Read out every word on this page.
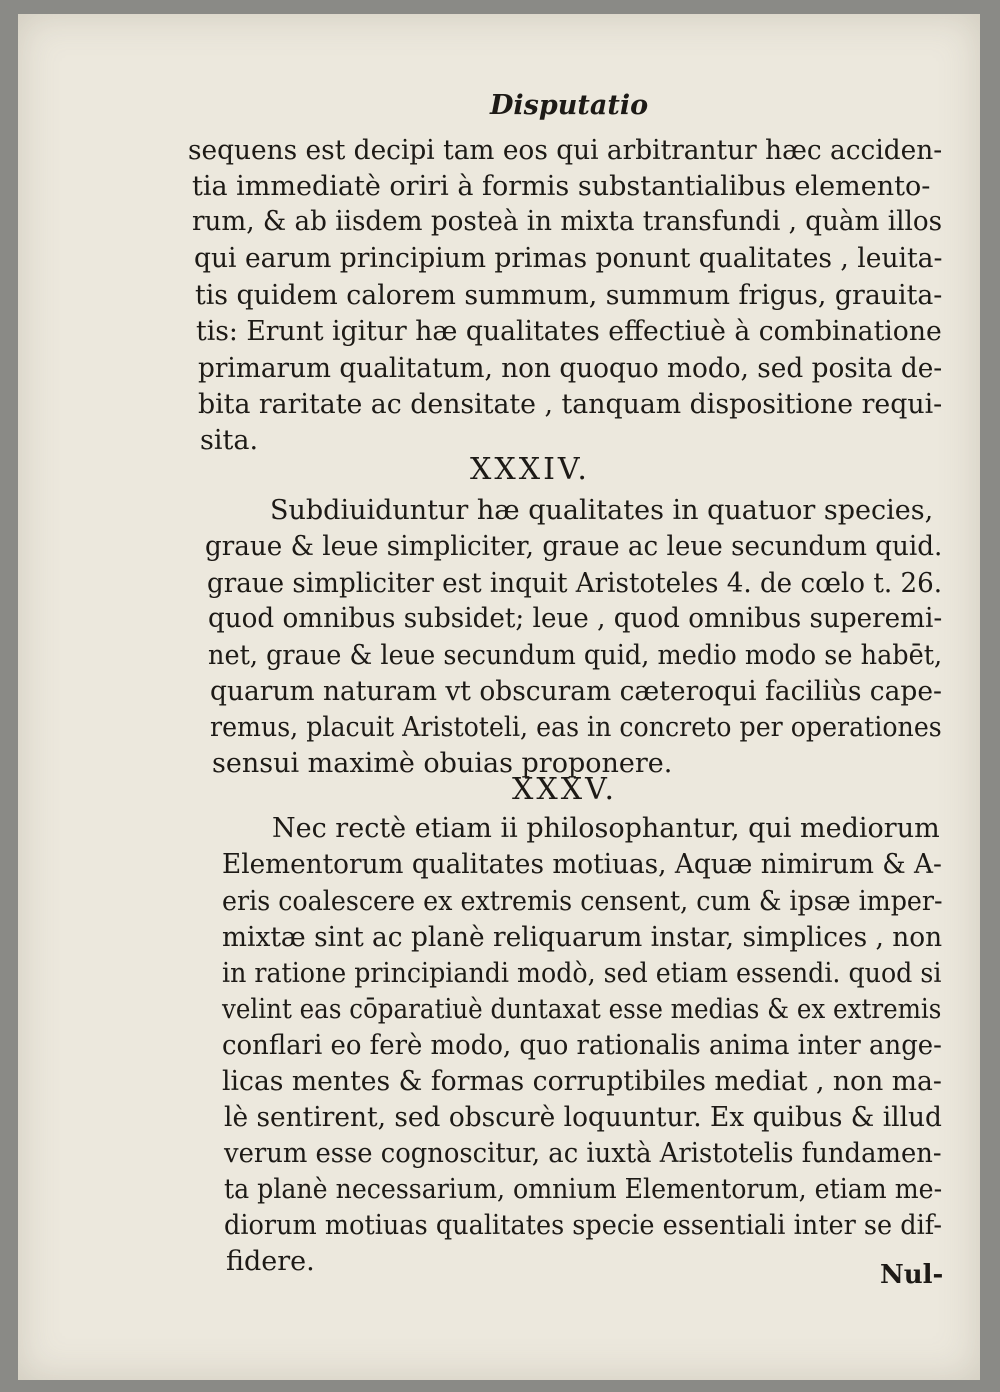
Disputatio
sequens est decipi tam eos qui arbitrantur hæc acciden-
tia immediatè oriri à formis substantialibus elemento-
rum, & ab iisdem posteà in mixta transfundi , quàm illos
qui earum principium primas ponunt qualitates , leuita-
tis quidem calorem summum, summum frigus, grauita-
tis: Erunt igitur hæ qualitates effectiuè à combinatione
primarum qualitatum, non quoquo modo, sed posita de-
bita raritate ac densitate , tanquam dispositione requi-
sita.
XXXIV.
Subdiuiduntur hæ qualitates in quatuor species,
graue & leue simpliciter, graue ac leue secundum quid.
graue simpliciter est inquit Aristoteles 4. de cœlo t. 26.
quod omnibus subsidet; leue , quod omnibus superemi-
net, graue & leue secundum quid, medio modo se habēt,
quarum naturam vt obscuram cæteroqui faciliùs cape-
remus, placuit Aristoteli, eas in concreto per operationes
sensui maximè obuias proponere.
XXXV.
Nec rectè etiam ii philosophantur, qui mediorum
Elementorum qualitates motiuas, Aquæ nimirum & A-
eris coalescere ex extremis censent, cum & ipsæ imper-
mixtæ sint ac planè reliquarum instar, simplices , non
in ratione principiandi modò, sed etiam essendi. quod si
velint eas cōparatiuè duntaxat esse medias & ex extremis
conflari eo ferè modo, quo rationalis anima inter ange-
licas mentes & formas corruptibiles mediat , non ma-
lè sentirent, sed obscurè loquuntur. Ex quibus & illud
verum esse cognoscitur, ac iuxtà Aristotelis fundamen-
ta planè necessarium, omnium Elementorum, etiam me-
diorum motiuas qualitates specie essentiali inter se dif-
fidere.	Nul-
